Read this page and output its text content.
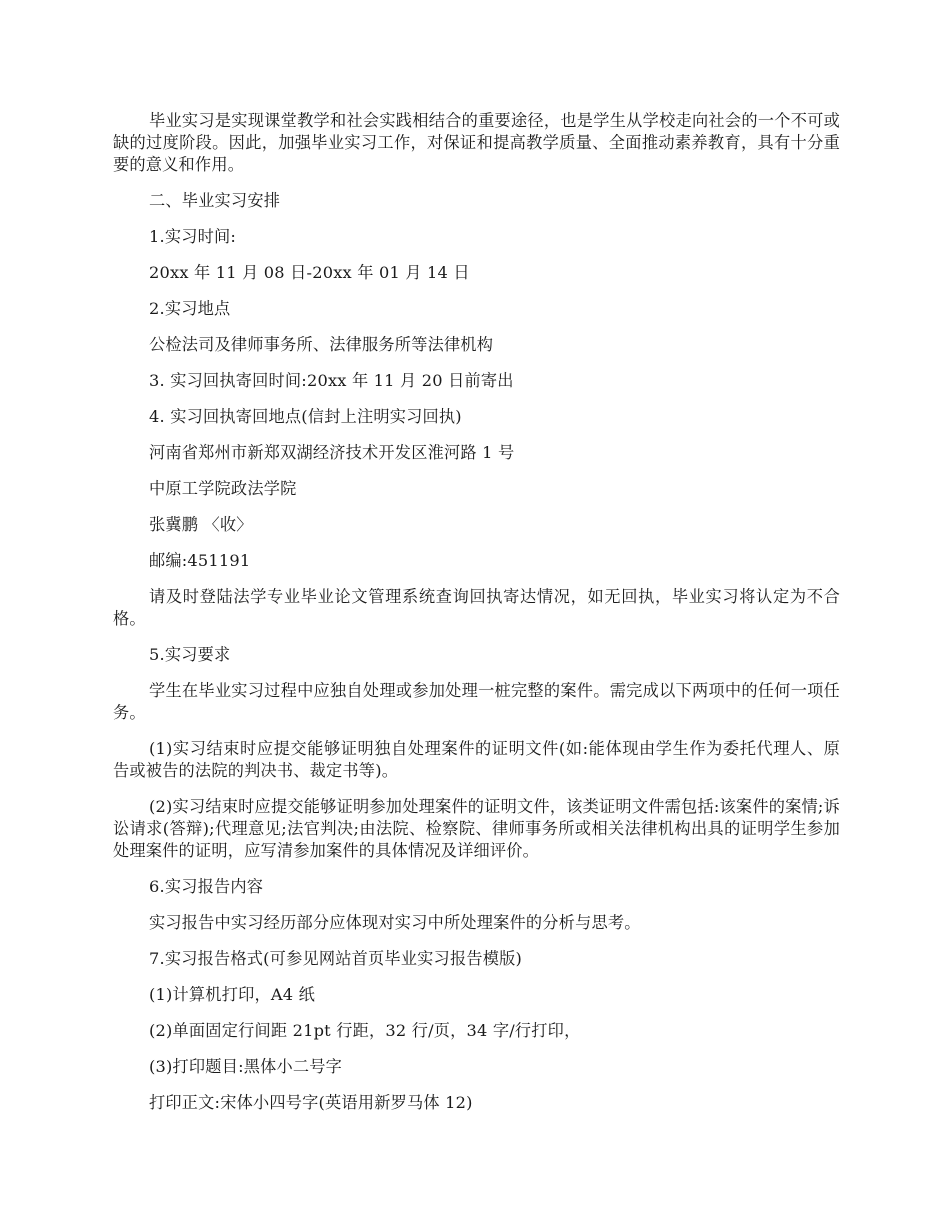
毕业实习是实现课堂教学和社会实践相结合的重要途径，也是学生从学校走向社会的一个不可或缺的过度阶段。因此，加强毕业实习工作，对保证和提高教学质量、全面推动素养教育，具有十分重要的意义和作用。

二、毕业实习安排

1.实习时间:

20xx 年 11 月 08 日-20xx 年 01 月 14 日

2.实习地点

公检法司及律师事务所、法律服务所等法律机构

3. 实习回执寄回时间:20xx 年 11 月 20 日前寄出

4. 实习回执寄回地点(信封上注明实习回执)

河南省郑州市新郑双湖经济技术开发区淮河路 1 号

中原工学院政法学院

张冀鹏 〈收〉

邮编:451191

请及时登陆法学专业毕业论文管理系统查询回执寄达情况，如无回执，毕业实习将认定为不合格。

5.实习要求

学生在毕业实习过程中应独自处理或参加处理一桩完整的案件。需完成以下两项中的任何一项任务。

(1)实习结束时应提交能够证明独自处理案件的证明文件(如:能体现由学生作为委托代理人、原告或被告的法院的判决书、裁定书等)。

(2)实习结束时应提交能够证明参加处理案件的证明文件，该类证明文件需包括:该案件的案情;诉讼请求(答辩);代理意见;法官判决;由法院、检察院、律师事务所或相关法律机构出具的证明学生参加处理案件的证明，应写清参加案件的具体情况及详细评价。

6.实习报告内容

实习报告中实习经历部分应体现对实习中所处理案件的分析与思考。

7.实习报告格式(可参见网站首页毕业实习报告模版)

(1)计算机打印，A4 纸

(2)单面固定行间距 21pt 行距，32 行/页，34 字/行打印，

(3)打印题目:黑体小二号字

打印正文:宋体小四号字(英语用新罗马体 12)
